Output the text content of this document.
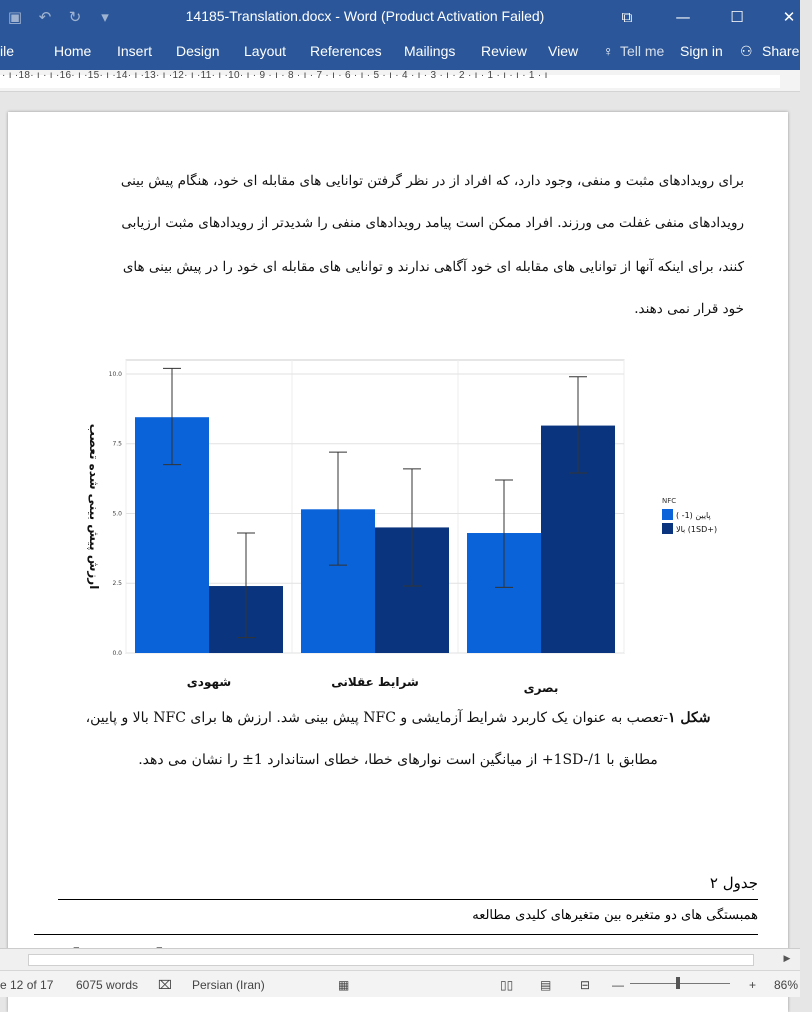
▣	↶	↻	▾	14185-Translation.docx - Word (Product Activation Failed)	⧉	—	☐	✕
ile	Home Insert Design Layout References Mailings Review View ♀ Tell me Sign in ⚇ Share
· ı ·18· ı · ı ·16· ı ·15· ı ·14· ı ·13· ı ·12· ı ·11· ı ·10· ı · 9 · ı · 8 · ı · 7 · ı · 6 · ı · 5 · ı · 4 · ı · 3 · ı · 2 · ı · 1 · ı · ı · 1 · ı
برای رویدادهای مثبت و منفی، وجود دارد، که افراد از در نظر گرفتن توانایی های مقابله ای خود، هنگام پیش بینی
رویدادهای منفی غفلت می ورزند. افراد ممکن است پیامد رویدادهای منفی را شدیدتر از رویدادهای مثبت ارزیابی
کنند، برای اینکه آنها از توانایی های مقابله ای خود آگاهی ندارند و توانایی های مقابله ای خود را در پیش بینی های
خود قرار نمی دهند.
0.0
2.5
5.0
7.5
10.0
شهودی	شرایط عقلانی	بصری
ارزش پیش بینی شده تعصب	NFC
پایین (1- )
بالا (1SD+)
شکل ۱-تعصب به عنوان یک کاربرد شرایط آزمایشی و NFC پیش بینی شد. ارزش ها برای NFC بالا و پایین،
مطابق با 1SD-/1+ از میانگین است نوارهای خطا، خطای استاندارد 1± را نشان می دهد.
جدول ۲
همبستگی های دو متغیره بین متغیرهای کلیدی مطالعه
▶
e 12 of 17 6075 words ⌧ Persian (Iran)	▦	▯▯ ▤ ⊟ —	+ 86%
